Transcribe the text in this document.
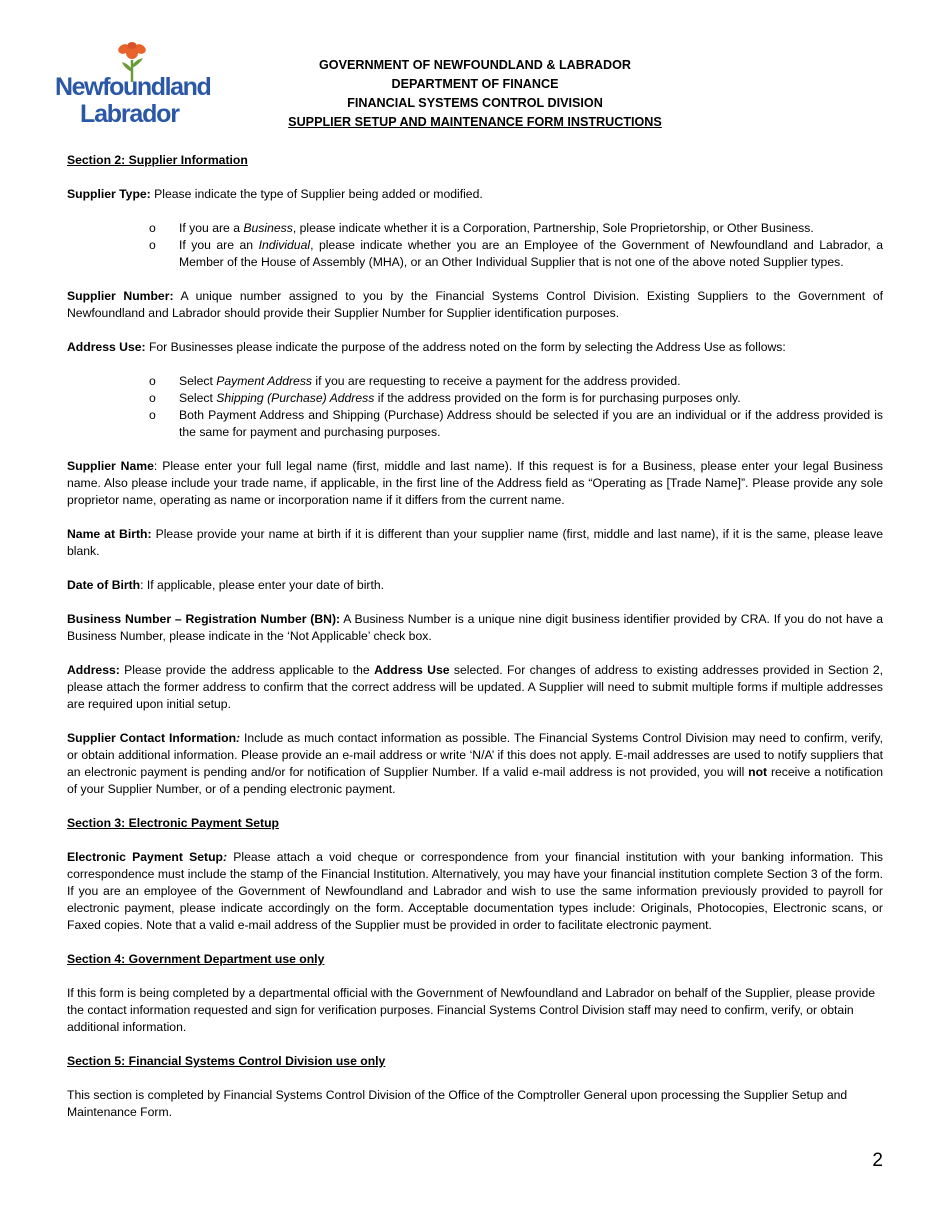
Newfoundland
Labrador
GOVERNMENT OF NEWFOUNDLAND & LABRADOR
DEPARTMENT OF FINANCE
FINANCIAL SYSTEMS CONTROL DIVISION
SUPPLIER SETUP AND MAINTENANCE FORM INSTRUCTIONS

Section 2: Supplier Information

Supplier Type: Please indicate the type of Supplier being added or modified.

o If you are a Business, please indicate whether it is a Corporation, Partnership, Sole Proprietorship, or Other Business.
o If you are an Individual, please indicate whether you are an Employee of the Government of Newfoundland and Labrador, a Member of the House of Assembly (MHA), or an Other Individual Supplier that is not one of the above noted Supplier types.

Supplier Number: A unique number assigned to you by the Financial Systems Control Division. Existing Suppliers to the Government of Newfoundland and Labrador should provide their Supplier Number for Supplier identification purposes.

Address Use: For Businesses please indicate the purpose of the address noted on the form by selecting the Address Use as follows:

o Select Payment Address if you are requesting to receive a payment for the address provided.
o Select Shipping (Purchase) Address if the address provided on the form is for purchasing purposes only.
o Both Payment Address and Shipping (Purchase) Address should be selected if you are an individual or if the address provided is the same for payment and purchasing purposes.

Supplier Name: Please enter your full legal name (first, middle and last name). If this request is for a Business, please enter your legal Business name. Also please include your trade name, if applicable, in the first line of the Address field as “Operating as [Trade Name]”. Please provide any sole proprietor name, operating as name or incorporation name if it differs from the current name.

Name at Birth: Please provide your name at birth if it is different than your supplier name (first, middle and last name), if it is the same, please leave blank.

Date of Birth: If applicable, please enter your date of birth.

Business Number – Registration Number (BN): A Business Number is a unique nine digit business identifier provided by CRA. If you do not have a Business Number, please indicate in the ‘Not Applicable’ check box.

Address: Please provide the address applicable to the Address Use selected. For changes of address to existing addresses provided in Section 2, please attach the former address to confirm that the correct address will be updated. A Supplier will need to submit multiple forms if multiple addresses are required upon initial setup.

Supplier Contact Information: Include as much contact information as possible. The Financial Systems Control Division may need to confirm, verify, or obtain additional information. Please provide an e-mail address or write ‘N/A’ if this does not apply. E-mail addresses are used to notify suppliers that an electronic payment is pending and/or for notification of Supplier Number. If a valid e-mail address is not provided, you will not receive a notification of your Supplier Number, or of a pending electronic payment.

Section 3: Electronic Payment Setup

Electronic Payment Setup: Please attach a void cheque or correspondence from your financial institution with your banking information. This correspondence must include the stamp of the Financial Institution. Alternatively, you may have your financial institution complete Section 3 of the form. If you are an employee of the Government of Newfoundland and Labrador and wish to use the same information previously provided to payroll for electronic payment, please indicate accordingly on the form. Acceptable documentation types include: Originals, Photocopies, Electronic scans, or Faxed copies. Note that a valid e-mail address of the Supplier must be provided in order to facilitate electronic payment.

Section 4: Government Department use only

If this form is being completed by a departmental official with the Government of Newfoundland and Labrador on behalf of the Supplier, please provide the contact information requested and sign for verification purposes. Financial Systems Control Division staff may need to confirm, verify, or obtain additional information.

Section 5: Financial Systems Control Division use only

This section is completed by Financial Systems Control Division of the Office of the Comptroller General upon processing the Supplier Setup and Maintenance Form.

2
